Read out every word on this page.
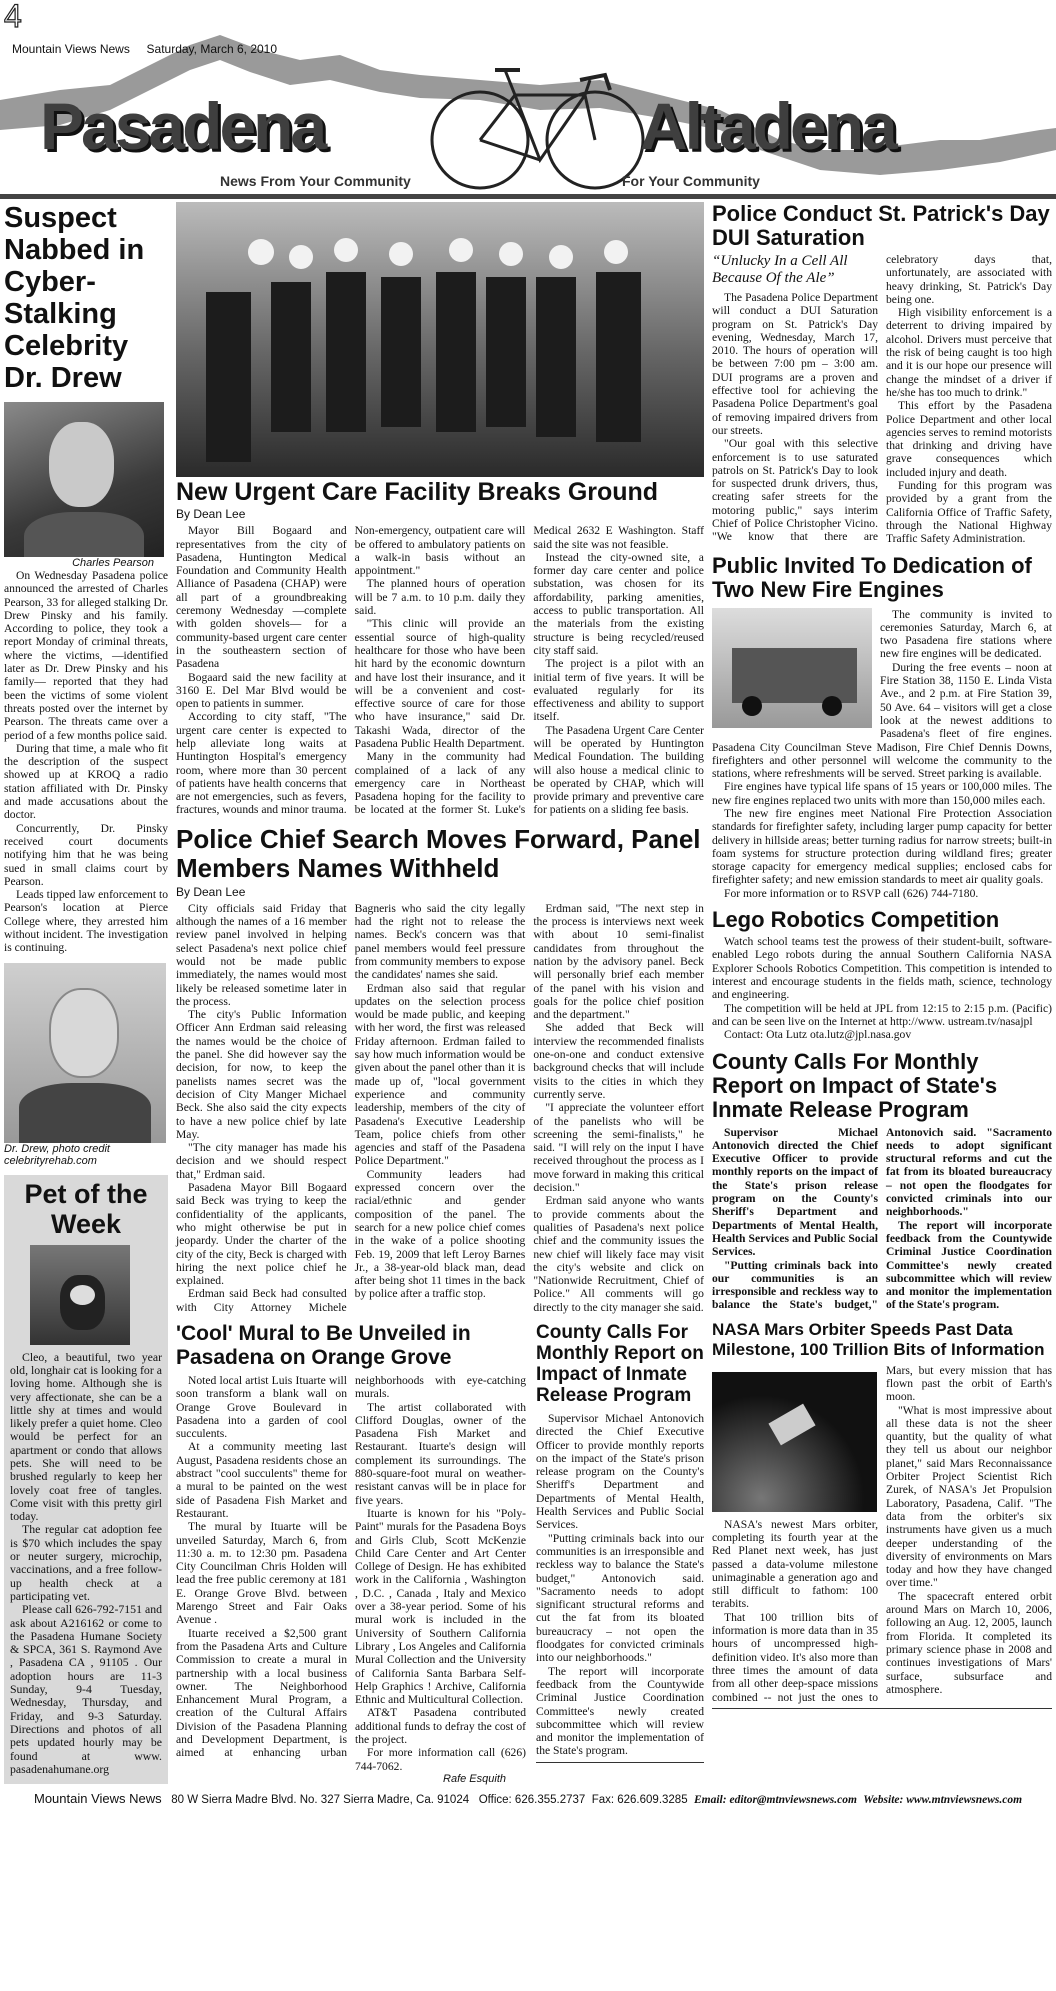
4
Mountain Views News Saturday, March 6, 2010
Pasadena	Altadena
News From Your Community	For Your Community
Suspect Nabbed in Cyber-Stalking Celebrity Dr. Drew
Charles Pearson

On Wednesday Pasadena police announced the arrested of Charles Pearson, 33 for alleged stalking Dr. Drew Pinsky and his family. According to police, they took a report Monday of criminal threats, where the victims, —identified later as Dr. Drew Pinsky and his family— reported that they had been the victims of some violent threats posted over the internet by Pearson. The threats came over a period of a few months police said.

During that time, a male who fit the description of the suspect showed up at KROQ a radio station affiliated with Dr. Pinsky and made accusations about the doctor.

Concurrently, Dr. Pinsky received court documents notifying him that he was being sued in small claims court by Pearson.

Leads tipped law enforcement to Pearson's location at Pierce College where, they arrested him without incident. The investigation is continuing.

Dr. Drew, photo credit celebrityrehab.com
Pet of the Week

Cleo, a beautiful, two year old, longhair cat is looking for a loving home. Although she is very affectionate, she can be a little shy at times and would likely prefer a quiet home. Cleo would be perfect for an apartment or condo that allows pets. She will need to be brushed regularly to keep her lovely coat free of tangles. Come visit with this pretty girl today.

The regular cat adoption fee is $70 which includes the spay or neuter surgery, microchip, vaccinations, and a free follow-up health check at a participating vet.

Please call 626-792-7151 and ask about A216162 or come to the Pasadena Humane Society & SPCA, 361 S. Raymond Ave , Pasadena CA , 91105 . Our adoption hours are 11-3 Sunday, 9-4 Tuesday, Wednesday, Thursday, and Friday, and 9-3 Saturday. Directions and photos of all pets updated hourly may be found at www. pasadenahumane.org

New Urgent Care Facility Breaks Ground
By Dean Lee

Mayor Bill Bogaard and representatives from the city of Pasadena, Huntington Medical Foundation and Community Health Alliance of Pasadena (CHAP) were all part of a groundbreaking ceremony Wednesday —complete with golden shovels— for a community-based urgent care center in the southeastern section of Pasadena

Bogaard said the new facility at 3160 E. Del Mar Blvd would be open to patients in summer.

According to city staff, "The urgent care center is expected to help alleviate long waits at Huntington Hospital's emergency room, where more than 30 percent of patients have health concerns that are not emergencies, such as fevers, fractures, wounds and minor trauma. Non-emergency, outpatient care will be offered to ambulatory patients on a walk-in basis without an appointment."

The planned hours of operation will be 7 a.m. to 10 p.m. daily they said.

"This clinic will provide an essential source of high-quality healthcare for those who have been hit hard by the economic downturn and have lost their insurance, and it will be a convenient and cost-effective source of care for those who have insurance," said Dr. Takashi Wada, director of the Pasadena Public Health Department.

Many in the community had complained of a lack of any emergency care in Northeast Pasadena hoping for the facility to be located at the former St. Luke's Medical 2632 E Washington. Staff said the site was not feasible.

Instead the city-owned site, a former day care center and police substation, was chosen for its affordability, parking amenities, access to public transportation. All the materials from the existing structure is being recycled/reused city staff said.

The project is a pilot with an initial term of five years. It will be evaluated regularly for its effectiveness and ability to support itself.

The Pasadena Urgent Care Center will be operated by Huntington Medical Foundation. The building will also house a medical clinic to be operated by CHAP, which will provide primary and preventive care for patients on a sliding fee basis.

Police Chief Search Moves Forward, Panel Members Names Withheld
By Dean Lee

City officials said Friday that although the names of a 16 member review panel involved in helping select Pasadena's next police chief would not be made public immediately, the names would most likely be released sometime later in the process.

The city's Public Information Officer Ann Erdman said releasing the names would be the choice of the panel. She did however say the decision, for now, to keep the panelists names secret was the decision of City Manger Michael Beck. She also said the city expects to have a new police chief by late May.

"The city manager has made his decision and we should respect that," Erdman said.

Pasadena Mayor Bill Bogaard said Beck was trying to keep the confidentiality of the applicants, who might otherwise be put in jeopardy. Under the charter of the city of the city, Beck is charged with hiring the next police chief he explained.

Erdman said Beck had consulted with City Attorney Michele Bagneris who said the city legally had the right not to release the names. Beck's concern was that panel members would feel pressure from community members to expose the candidates' names she said.

Erdman also said that regular updates on the selection process would be made public, and keeping with her word, the first was released Friday afternoon. Erdman failed to say how much information would be given about the panel other than it is made up of, "local government experience and community leadership, members of the city of Pasadena's Executive Leadership Team, police chiefs from other agencies and staff of the Pasadena Police Department."

Community leaders had expressed concern over the racial/ethnic and gender composition of the panel. The search for a new police chief comes in the wake of a police shooting Feb. 19, 2009 that left Leroy Barnes Jr., a 38-year-old black man, dead after being shot 11 times in the back by police after a traffic stop.

Erdman said, "The next step in the process is interviews next week with about 10 semi-finalist candidates from throughout the nation by the advisory panel. Beck will personally brief each member of the panel with his vision and goals for the police chief position and the department."

She added that Beck will interview the recommended finalists one-on-one and conduct extensive background checks that will include visits to the cities in which they currently serve.

"I appreciate the volunteer effort of the panelists who will be screening the semi-finalists," he said. "I will rely on the input I have received throughout the process as I move forward in making this critical decision."

Erdman said anyone who wants to provide comments about the qualities of Pasadena's next police chief and the community issues the new chief will likely face may visit the city's website and click on "Nationwide Recruitment, Chief of Police." All comments will go directly to the city manager she said.

'Cool' Mural to Be Unveiled in Pasadena on Orange Grove

Noted local artist Luis Ituarte will soon transform a blank wall on Orange Grove Boulevard in Pasadena into a garden of cool succulents.

At a community meeting last August, Pasadena residents chose an abstract "cool succulents" theme for a mural to be painted on the west side of Pasadena Fish Market and Restaurant.

The mural by Ituarte will be unveiled Saturday, March 6, from 11:30 a. m. to 12:30 pm. Pasadena City Councilman Chris Holden will lead the free public ceremony at 181 E. Orange Grove Blvd. between Marengo Street and Fair Oaks Avenue .

Ituarte received a $2,500 grant from the Pasadena Arts and Culture Commission to create a mural in partnership with a local business owner. The Neighborhood Enhancement Mural Program, a creation of the Cultural Affairs Division of the Pasadena Planning and Development Department, is aimed at enhancing urban neighborhoods with eye-catching murals.

The artist collaborated with Clifford Douglas, owner of the Pasadena Fish Market and Restaurant. Ituarte's design will complement its surroundings. The 880-square-foot mural on weather-resistant canvas will be in place for five years.

Ituarte is known for his "Poly-Paint" murals for the Pasadena Boys and Girls Club, Scott McKenzie Child Care Center and Art Center College of Design. He has exhibited work in the California , Washington , D.C. , Canada , Italy and Mexico over a 38-year period. Some of his mural work is included in the University of Southern California Library , Los Angeles and California Mural Collection and the University of California Santa Barbara Self-Help Graphics ! Archive, California Ethnic and Multicultural Collection.

AT&T Pasadena contributed additional funds to defray the cost of the project.

For more information call (626) 744-7062.

Rafe Esquith
County Calls For Monthly Report on Impact of Inmate Release Program

Supervisor Michael Antonovich directed the Chief Executive Officer to provide monthly reports on the impact of the State's prison release program on the County's Sheriff's Department and Departments of Mental Health, Health Services and Public Social Services.

"Putting criminals back into our communities is an irresponsible and reckless way to balance the State's budget," Antonovich said. "Sacramento needs to adopt significant structural reforms and cut the fat from its bloated bureaucracy – not open the floodgates for convicted criminals into our neighborhoods."

The report will incorporate feedback from the Countywide Criminal Justice Coordination Committee's newly created subcommittee which will review and monitor the implementation of the State's program.

Police Conduct St. Patrick's Day DUI Saturation
“Unlucky In a Cell All Because Of the Ale”

The Pasadena Police Department will conduct a DUI Saturation program on St. Patrick's Day evening, Wednesday, March 17, 2010. The hours of operation will be between 7:00 pm – 3:00 am. DUI programs are a proven and effective tool for achieving the Pasadena Police Department's goal of removing impaired drivers from our streets.

"Our goal with this selective enforcement is to use saturated patrols on St. Patrick's Day to look for suspected drunk drivers, thus, creating safer streets for the motoring public," says interim Chief of Police Christopher Vicino. "We know that there are celebratory days that, unfortunately, are associated with heavy drinking, St. Patrick's Day being one.

High visibility enforcement is a deterrent to driving impaired by alcohol. Drivers must perceive that the risk of being caught is too high and it is our hope our presence will change the mindset of a driver if he/she has too much to drink."

This effort by the Pasadena Police Department and other local agencies serves to remind motorists that drinking and driving have grave consequences which included injury and death.

Funding for this program was provided by a grant from the California Office of Traffic Safety, through the National Highway Traffic Safety Administration.

Public Invited To Dedication of Two New Fire Engines

The community is invited to ceremonies Saturday, March 6, at two Pasadena fire stations where new fire engines will be dedicated.

During the free events – noon at Fire Station 38, 1150 E. Linda Vista Ave., and 2 p.m. at Fire Station 39, 50 Ave. 64 – visitors will get a close look at the newest additions to Pasadena's fleet of fire engines. Pasadena City Councilman Steve Madison, Fire Chief Dennis Downs, firefighters and other personnel will welcome the community to the stations, where refreshments will be served. Street parking is available.

Fire engines have typical life spans of 15 years or 100,000 miles. The new fire engines replaced two units with more than 150,000 miles each.

The new fire engines meet National Fire Protection Association standards for firefighter safety, including larger pump capacity for better delivery in hillside areas; better turning radius for narrow streets; built-in foam systems for structure protection during wildland fires; greater storage capacity for emergency medical supplies; enclosed cabs for firefighter safety; and new emission standards to meet air quality goals.

For more information or to RSVP call (626) 744-7180.

Lego Robotics Competition

Watch school teams test the prowess of their student-built, software-enabled Lego robots during the annual Southern California NASA Explorer Schools Robotics Competition. This competition is intended to interest and encourage students in the fields math, science, technology and engineering.

The competition will be held at JPL from 12:15 to 2:15 p.m. (Pacific) and can be seen live on the Internet at http://www. ustream.tv/nasajpl

Contact: Ota Lutz ota.lutz@jpl.nasa.gov

County Calls For Monthly Report on Impact of State's Inmate Release Program

Supervisor Michael Antonovich directed the Chief Executive Officer to provide monthly reports on the impact of the State's prison release program on the County's Sheriff's Department and Departments of Mental Health, Health Services and Public Social Services.

"Putting criminals back into our communities is an irresponsible and reckless way to balance the State's budget," Antonovich said. "Sacramento needs to adopt significant structural reforms and cut the fat from its bloated bureaucracy – not open the floodgates for convicted criminals into our neighborhoods."

The report will incorporate feedback from the Countywide Criminal Justice Coordination Committee's newly created subcommittee which will review and monitor the implementation of the State's program.

NASA Mars Orbiter Speeds Past Data Milestone, 100 Trillion Bits of Information

NASA's newest Mars orbiter, completing its fourth year at the Red Planet next week, has just passed a data-volume milestone unimaginable a generation ago and still difficult to fathom: 100 terabits.

That 100 trillion bits of information is more data than in 35 hours of uncompressed high-definition video. It's also more than three times the amount of data from all other deep-space missions combined -- not just the ones to Mars, but every mission that has flown past the orbit of Earth's moon.

"What is most impressive about all these data is not the sheer quantity, but the quality of what they tell us about our neighbor planet," said Mars Reconnaissance Orbiter Project Scientist Rich Zurek, of NASA's Jet Propulsion Laboratory, Pasadena, Calif. "The data from the orbiter's six instruments have given us a much deeper understanding of the diversity of environments on Mars today and how they have changed over time."

The spacecraft entered orbit around Mars on March 10, 2006, following an Aug. 12, 2005, launch from Florida. It completed its primary science phase in 2008 and continues investigations of Mars' surface, subsurface and atmosphere.

Mountain Views News 80 W Sierra Madre Blvd. No. 327 Sierra Madre, Ca. 91024 Office: 626.355.2737 Fax: 626.609.3285 Email: editor@mtnviewsnews.com Website: www.mtnviewsnews.com
